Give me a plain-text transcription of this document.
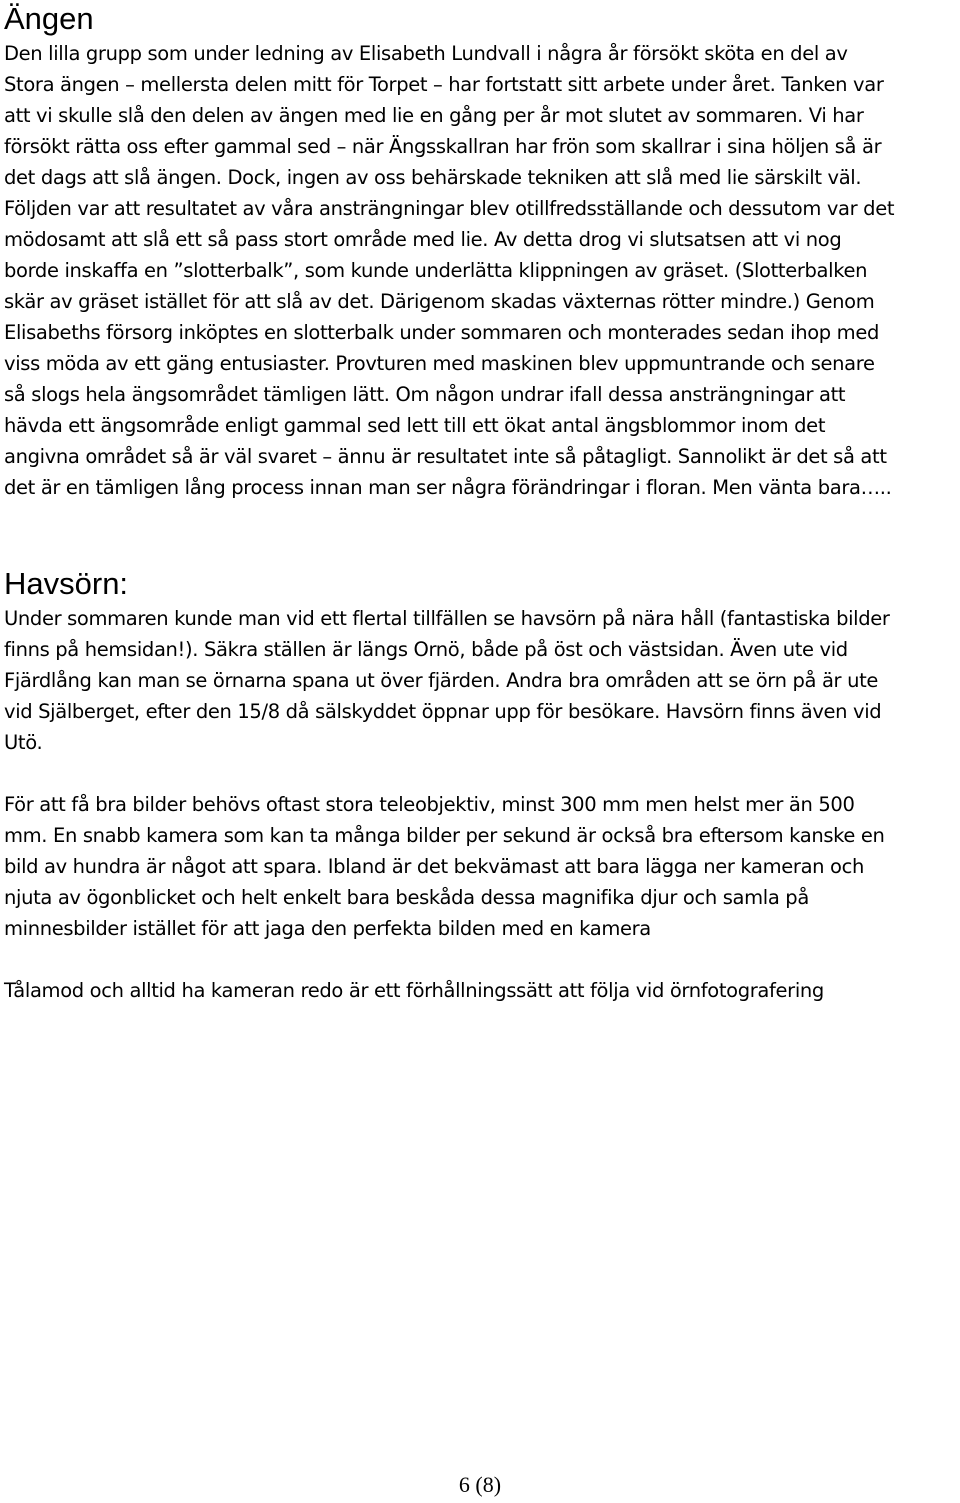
Ängen

Den lilla grupp som under ledning av Elisabeth Lundvall i några år försökt sköta en del av
Stora ängen – mellersta delen mitt för Torpet – har fortstatt sitt arbete under året. Tanken var
att vi skulle slå den delen av ängen med lie en gång per år mot slutet av sommaren. Vi har
försökt rätta oss efter gammal sed – när Ängsskallran har frön som skallrar i sina höljen så är
det dags att slå ängen. Dock, ingen av oss behärskade tekniken att slå med lie särskilt väl.
Följden var att resultatet av våra ansträngningar blev otillfredsställande och dessutom var det
mödosamt att slå ett så pass stort område med lie. Av detta drog vi slutsatsen att vi nog
borde inskaffa en ”slotterbalk”, som kunde underlätta klippningen av gräset. (Slotterbalken
skär av gräset istället för att slå av det. Därigenom skadas växternas rötter mindre.) Genom
Elisabeths försorg inköptes en slotterbalk under sommaren och monterades sedan ihop med
viss möda av ett gäng entusiaster. Provturen med maskinen blev uppmuntrande och senare
så slogs hela ängsområdet tämligen lätt. Om någon undrar ifall dessa ansträngningar att
hävda ett ängsområde enligt gammal sed lett till ett ökat antal ängsblommor inom det
angivna området så är väl svaret – ännu är resultatet inte så påtagligt. Sannolikt är det så att
det är en tämligen lång process innan man ser några förändringar i floran. Men vänta bara…..

Havsörn:

Under sommaren kunde man vid ett flertal tillfällen se havsörn på nära håll (fantastiska bilder
finns på hemsidan!). Säkra ställen är längs Ornö, både på öst och västsidan. Även ute vid
Fjärdlång kan man se örnarna spana ut över fjärden. Andra bra områden att se örn på är ute
vid Själberget, efter den 15/8 då sälskyddet öppnar upp för besökare. Havsörn finns även vid
Utö.

För att få bra bilder behövs oftast stora teleobjektiv, minst 300 mm men helst mer än 500
mm. En snabb kamera som kan ta många bilder per sekund är också bra eftersom kanske en
bild av hundra är något att spara. Ibland är det bekvämast att bara lägga ner kameran och
njuta av ögonblicket och helt enkelt bara beskåda dessa magnifika djur och samla på
minnesbilder istället för att jaga den perfekta bilden med en kamera

Tålamod och alltid ha kameran redo är ett förhållningssätt att följa vid örnfotografering

6 (8)
